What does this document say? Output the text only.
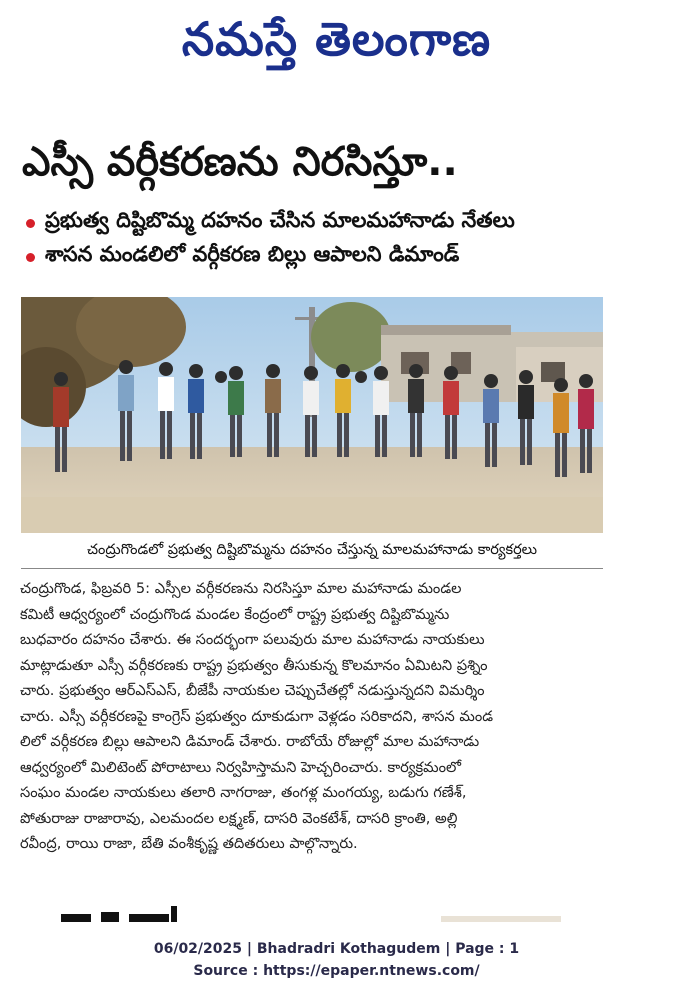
నమస్తే తెలంగాణ
ఎస్సీ వర్గీకరణను నిరసిస్తూ..
ప్రభుత్వ దిష్టిబొమ్మ దహనం చేసిన మాలమహానాడు నేతలు
శాసన మండలిలో వర్గీకరణ బిల్లు ఆపాలని డిమాండ్
చంద్రుగొండలో ప్రభుత్వ దిష్టిబొమ్మను దహనం చేస్తున్న మాలమహానాడు కార్యకర్తలు
చంద్రుగొండ, ఫిబ్రవరి 5: ఎస్సీల వర్గీకరణను నిరసిస్తూ మాల మహానాడు మండల
కమిటీ ఆధ్వర్యంలో చంద్రుగొండ మండల కేంద్రంలో రాష్ట్ర ప్రభుత్వ దిష్టిబొమ్మను
బుధవారం దహనం చేశారు. ఈ సందర్భంగా పలువురు మాల మహానాడు నాయకులు
మాట్లాడుతూ ఎస్సీ వర్గీకరణకు రాష్ట్ర ప్రభుత్వం తీసుకున్న కొలమానం ఏమిటని ప్రశ్నిం
చారు. ప్రభుత్వం ఆర్ఎస్ఎస్, బీజేపీ నాయకుల చెప్పుచేతల్లో నడుస్తున్నదని విమర్శిం
చారు. ఎస్సీ వర్గీకరణపై కాంగ్రెస్ ప్రభుత్వం దూకుడుగా వెళ్లడం సరికాదని, శాసన మండ
లిలో వర్గీకరణ బిల్లు ఆపాలని డిమాండ్ చేశారు. రాబోయే రోజుల్లో మాల మహానాడు
ఆధ్వర్యంలో మిలిటెంట్ పోరాటాలు నిర్వహిస్తామని హెచ్చరించారు. కార్యక్రమంలో
సంఘం మండల నాయకులు తలారి నాగరాజు, తంగళ్ల మంగయ్య, బడుగు గణేశ్,
పోతురాజు రాజారావు, ఎలమందల లక్ష్మణ్, దాసరి వెంకటేశ్, దాసరి క్రాంతి, అల్లి
రవీంద్ర, రాయి రాజా, బేతి వంశీకృష్ణ తదితరులు పాల్గొన్నారు.
06/02/2025 | Bhadradri Kothagudem | Page : 1
Source : https://epaper.ntnews.com/
